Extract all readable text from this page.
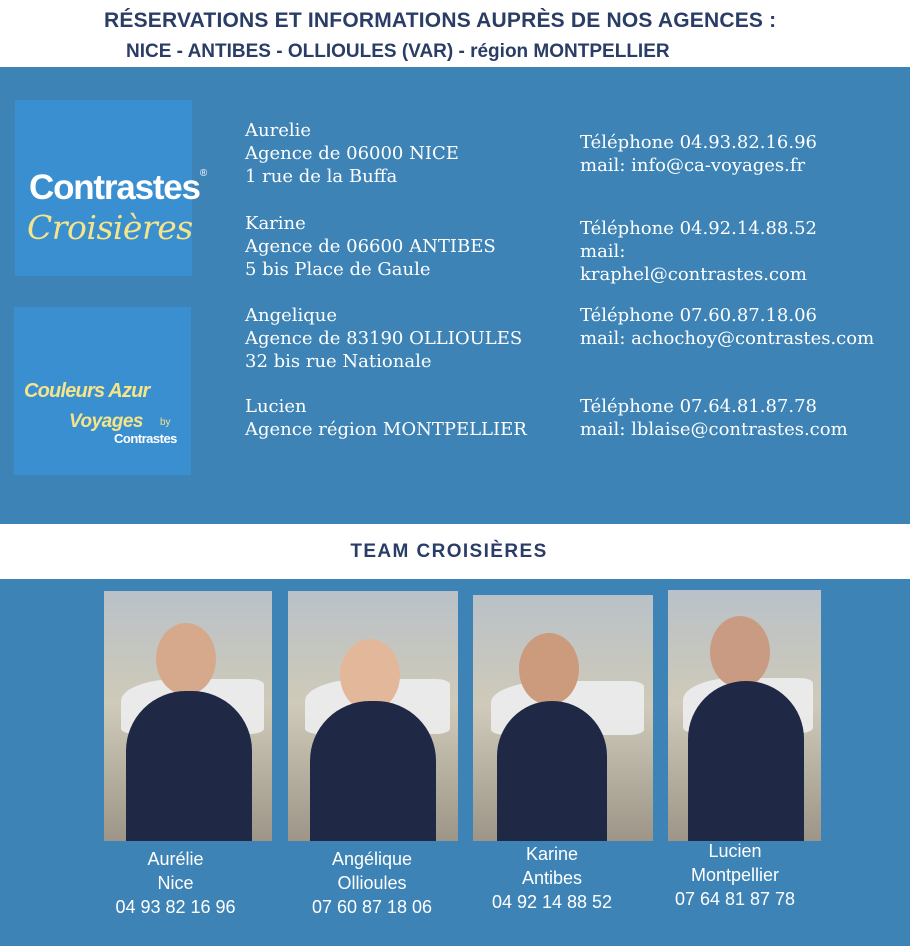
RÉSERVATIONS ET INFORMATIONS AUPRÈS DE NOS AGENCES :
NICE - ANTIBES - OLLIOULES (VAR) - région MONTPELLIER
Contrastes®
Croisières
Couleurs Azur
Voyages by
Contrastes
Aurelie
Agence de 06000 NICE
1 rue de la Buffa
Téléphone 04.93.82.16.96
mail: info@ca-voyages.fr
Karine
Agence de 06600 ANTIBES
5 bis Place de Gaule
Téléphone 04.92.14.88.52
mail:
kraphel@contrastes.com
Angelique
Agence de 83190 OLLIOULES
32 bis rue Nationale
Téléphone 07.60.87.18.06
mail: achochoy@contrastes.com
Lucien
Agence région MONTPELLIER
Téléphone 07.64.81.87.78
mail: lblaise@contrastes.com
TEAM CROISIÈRES
Aurélie
Nice
04 93 82 16 96
Angélique
Ollioules
07 60 87 18 06
Karine
Antibes
04 92 14 88 52
Lucien
Montpellier
07 64 81 87 78
